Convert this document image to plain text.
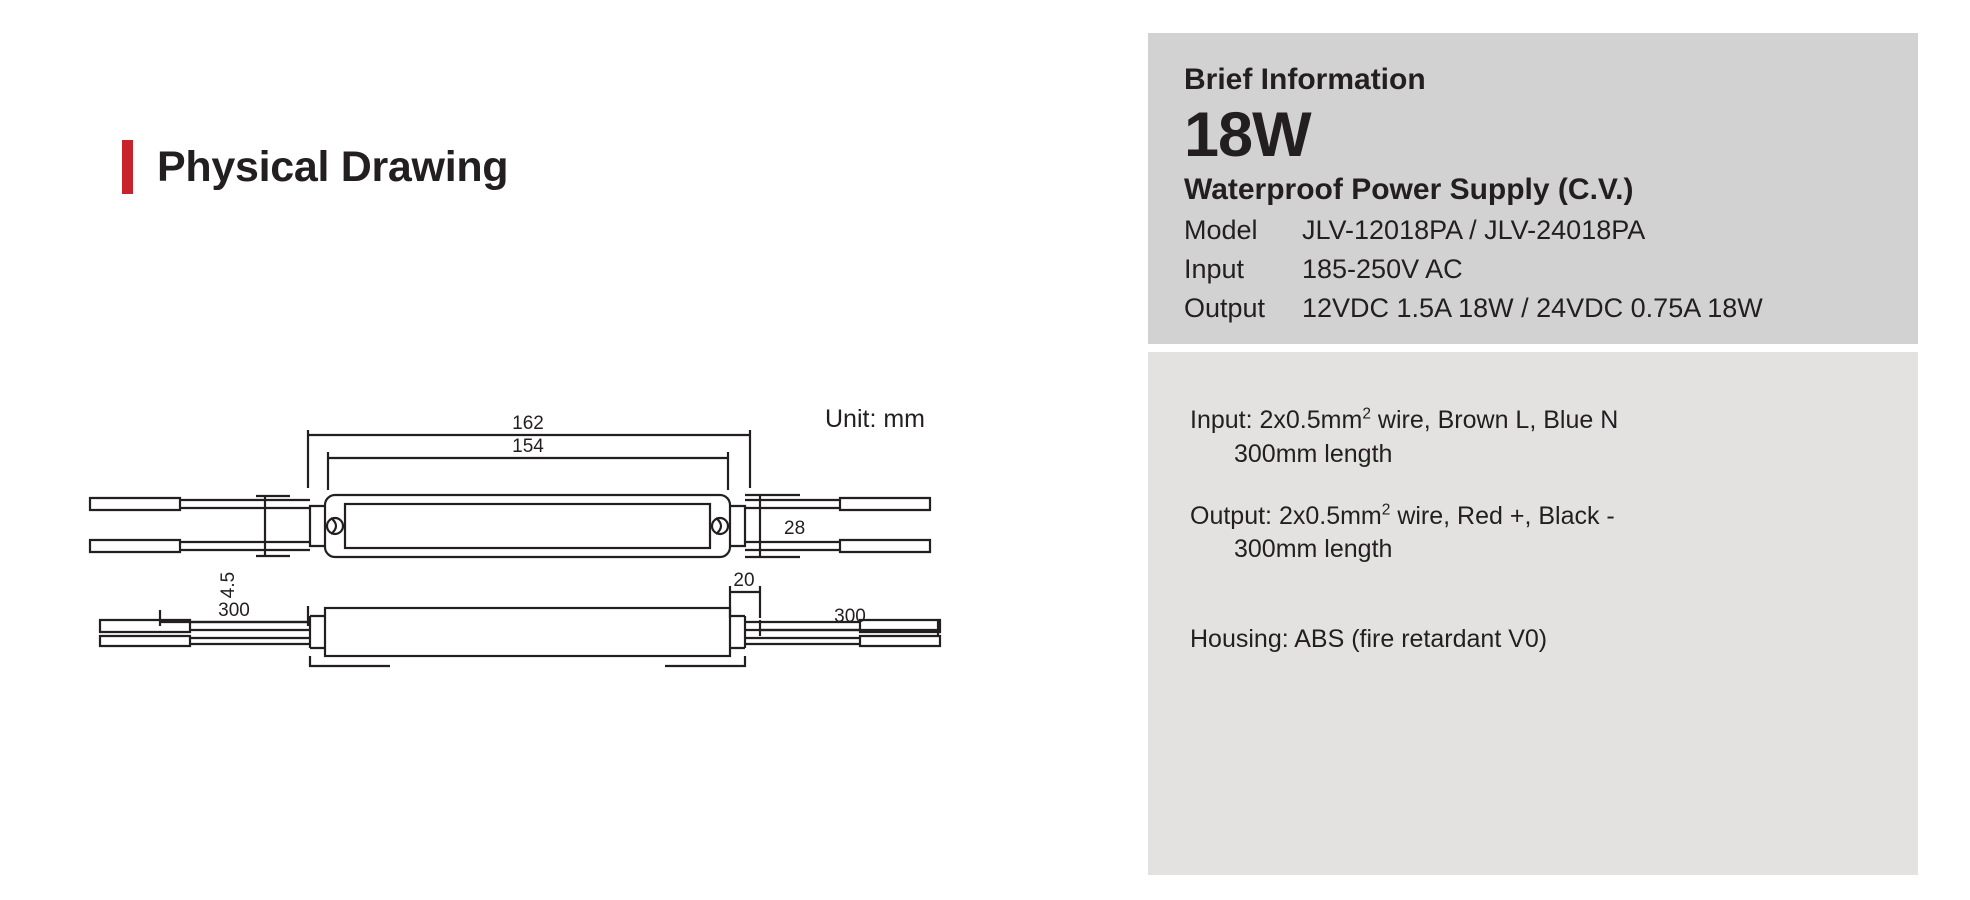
Physical Drawing
Unit: mm
162
154
4.5
28
20
300	300
Brief Information
18W
Waterproof Power Supply (C.V.)
Model JLV-12018PA / JLV-24018PA
Input 185-250V AC
Output 12VDC 1.5A 18W / 24VDC 0.75A 18W
Input: $2x0.5mm^2$ wire, Brown L, Blue N
300mm length
Output: $2x0.5mm^2$ wire, Red +, Black -
300mm length
Housing: ABS (fire retardant V0)
